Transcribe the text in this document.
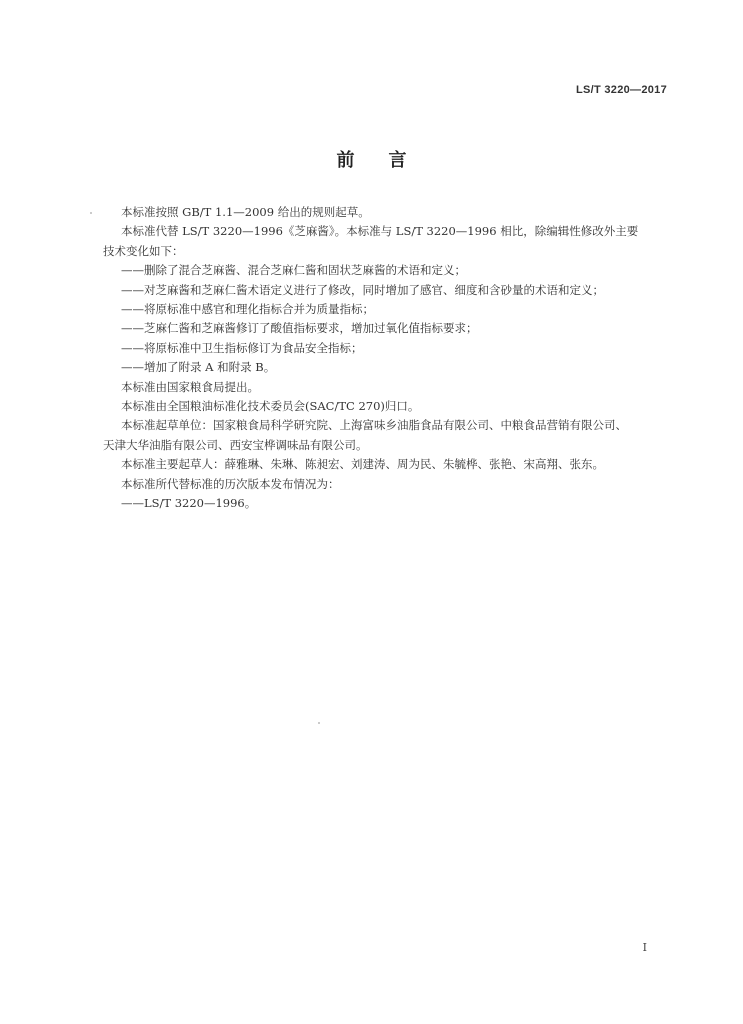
LS/T 3220—2017
前言

本标准按照 GB/T 1.1—2009 给出的规则起草。

本标准代替 LS/T 3220—1996《芝麻酱》。本标准与 LS/T 3220—1996 相比，除编辑性修改外主要

技术变化如下：

——删除了混合芝麻酱、混合芝麻仁酱和固状芝麻酱的术语和定义；

——对芝麻酱和芝麻仁酱术语定义进行了修改，同时增加了感官、细度和含砂量的术语和定义；

——将原标准中感官和理化指标合并为质量指标；

——芝麻仁酱和芝麻酱修订了酸值指标要求，增加过氧化值指标要求；

——将原标准中卫生指标修订为食品安全指标；

——增加了附录 A 和附录 B。

本标准由国家粮食局提出。

本标准由全国粮油标准化技术委员会(SAC/TC 270)归口。

本标准起草单位：国家粮食局科学研究院、上海富味乡油脂食品有限公司、中粮食品营销有限公司、

天津大华油脂有限公司、西安宝桦调味品有限公司。

本标准主要起草人：薛雅琳、朱琳、陈昶宏、刘建涛、周为民、朱毓桦、张艳、宋高翔、张东。

本标准所代替标准的历次版本发布情况为：

——LS/T 3220—1996。

I
